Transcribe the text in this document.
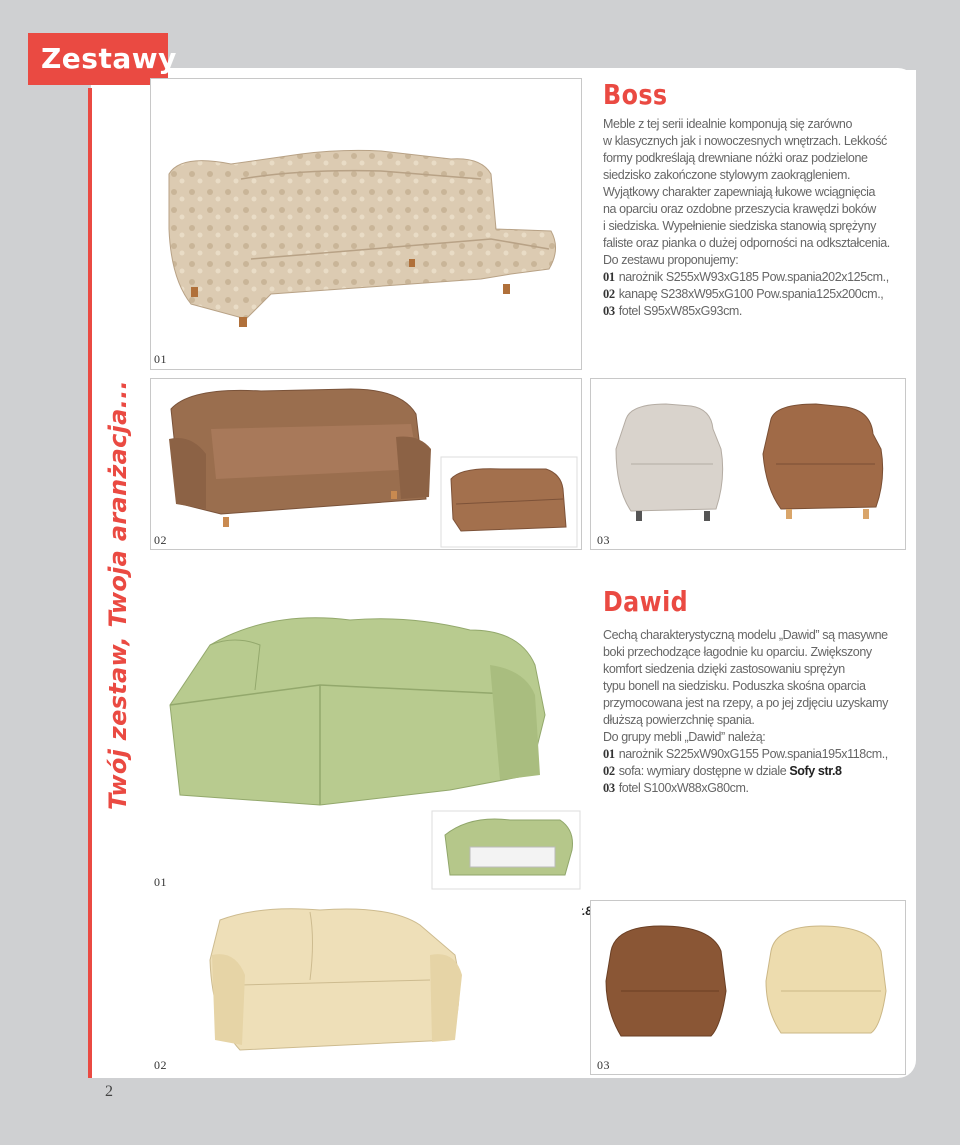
Zestawy
Twój zestaw, Twoja aranżacja...
2
01
Boss

Meble z tej serii idealnie komponują się zarówno

w klasycznych jak i nowoczesnych wnętrzach. Lekkość

formy podkreślają drewniane nóżki oraz podzielone

siedzisko zakończone stylowym zaokrągleniem.

Wyjątkowy charakter zapewniają łukowe wciągnięcia

na oparciu oraz ozdobne przeszycia krawędzi boków

i siedziska. Wypełnienie siedziska stanowią sprężyny

faliste oraz pianka o dużej odporności na odkształcenia.

Do zestawu proponujemy:

01 narożnik S255xW93xG185 Pow.spania202x125cm.,
02 kanapę S238xW95xG100 Pow.spania125x200cm.,
03 fotel S95xW85xG93cm.
02	03
Dawid

Cechą charakterystyczną modelu „Dawid” są masywne

boki przechodzące łagodnie ku oparciu. Zwiększony

komfort siedzenia dzięki zastosowaniu sprężyn

typu bonell na siedzisku. Poduszka skośna oparcia

przymocowana jest na rzepy, a po jej zdjęciu uzyskamy

dłuższą powierzchnię spania.

Do grupy mebli „Dawid” należą:

01 narożnik S225xW90xG155 Pow.spania195x118cm.,
02 sofa: wymiary dostępne w dziale Sofy str.8
03 fotel S100xW88xG80cm.
01
02	03
